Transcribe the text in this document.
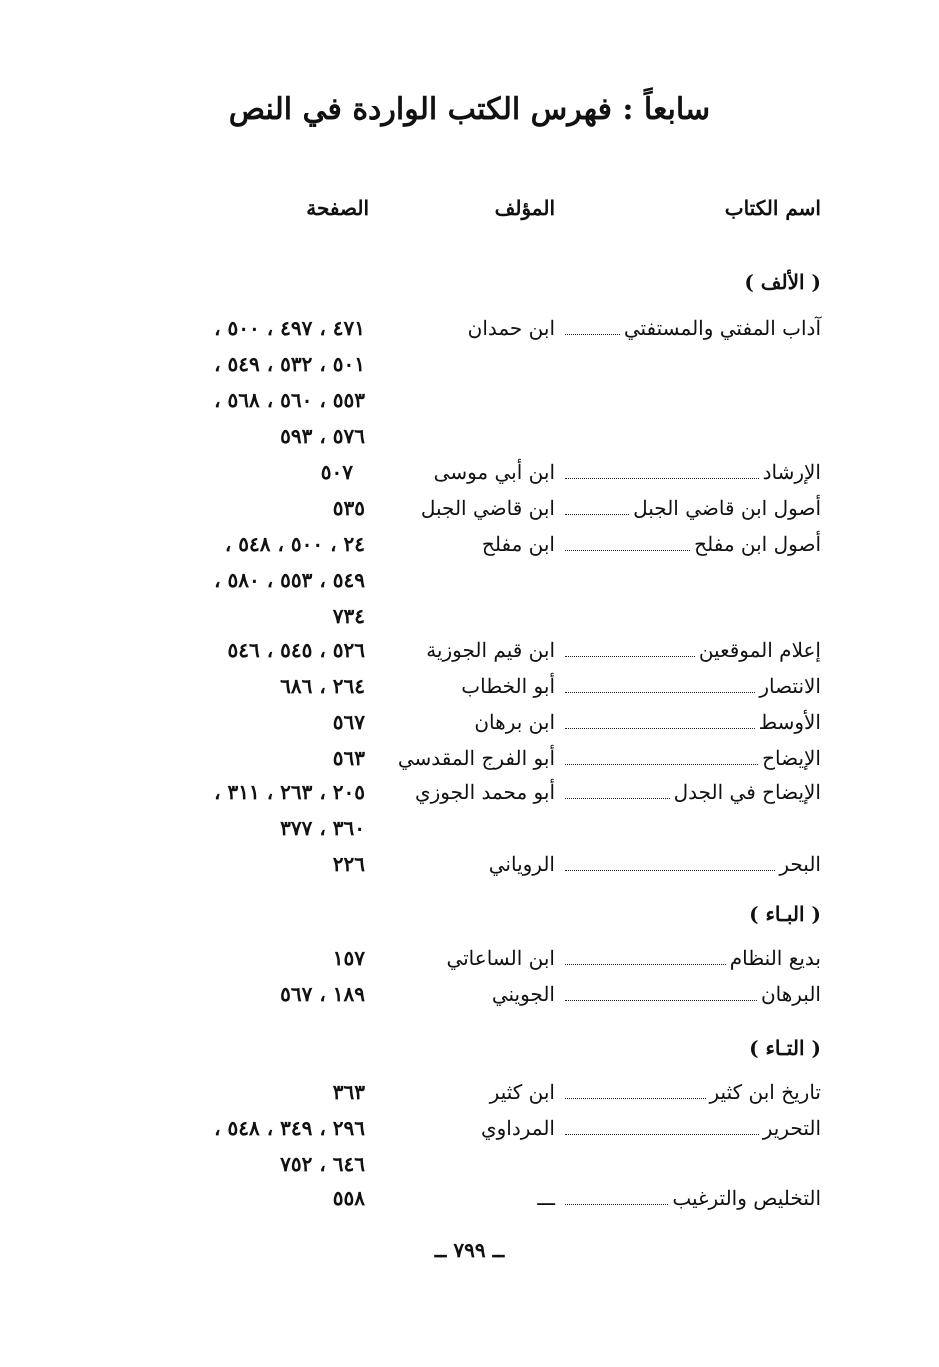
سابعاً : فهرس الكتب الواردة في النص
اسم الكتاب
المؤلف
الصفحة
( الألف )
آداب المفتي والمستفتي
ابن حمدان
٤٧١ ، ٤٩٧ ، ٥٠٠ ،
٥٠١ ، ٥٣٢ ، ٥٤٩ ،
٥٥٣ ، ٥٦٠ ، ٥٦٨ ،
٥٧٦ ، ٥٩٣
الإرشاد
ابن أبي موسى
٥٠٧
أصول ابن قاضي الجبل
ابن قاضي الجبل
٥٣٥
أصول ابن مفلح
ابن مفلح
٢٤ ، ٥٠٠ ، ٥٤٨ ،
٥٤٩ ، ٥٥٣ ، ٥٨٠ ،
٧٣٤
إعلام الموقعين
ابن قيم الجوزية
٥٢٦ ، ٥٤٥ ، ٥٤٦
الانتصار
أبو الخطاب
٢٦٤ ، ٦٨٦
الأوسط
ابن برهان
٥٦٧
الإيضاح
أبو الفرج المقدسي
٥٦٣
الإيضاح في الجدل
أبو محمد الجوزي
٢٠٥ ، ٢٦٣ ، ٣١١ ،
٣٦٠ ، ٣٧٧
البحر
الروياني
٢٢٦
( البـاء )
بديع النظام
ابن الساعاتي
١٥٧
البرهان
الجويني
١٨٩ ، ٥٦٧
( التـاء )
تاريخ ابن كثير
ابن كثير
٣٦٣
التحرير
المرداوي
٢٩٦ ، ٣٤٩ ، ٥٤٨ ،
٦٤٦ ، ٧٥٢
التخليص والترغيب
ـــ
٥٥٨
ــ ٧٩٩ ــ
